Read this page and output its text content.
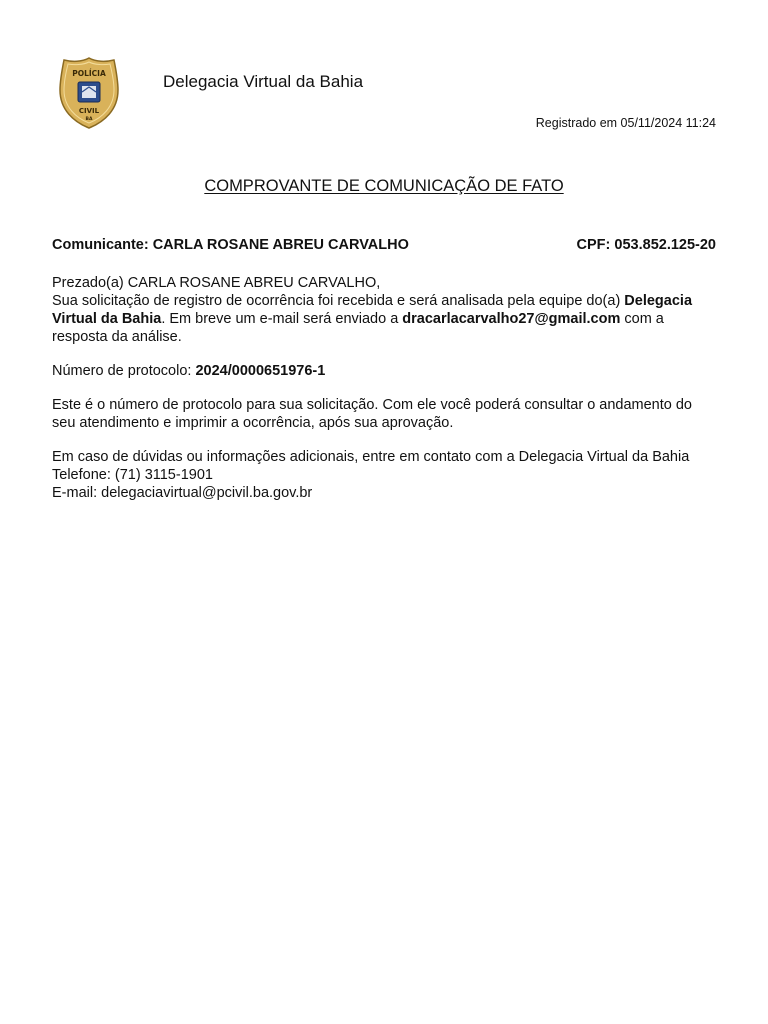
POLÍCIA
CIVIL
BA
Delegacia Virtual da Bahia
Registrado em 05/11/2024 11:24
COMPROVANTE DE COMUNICAÇÃO DE FATO
Comunicante: CARLA ROSANE ABREU CARVALHO	CPF: 053.852.125-20

Prezado(a) CARLA ROSANE ABREU CARVALHO,
Sua solicitação de registro de ocorrência foi recebida e será analisada pela equipe do(a) Delegacia Virtual da Bahia. Em breve um e-mail será enviado a dracarlacarvalho27@gmail.com com a resposta da análise.

Número de protocolo: 2024/0000651976-1

Este é o número de protocolo para sua solicitação. Com ele você poderá consultar o andamento do seu atendimento e imprimir a ocorrência, após sua aprovação.

Em caso de dúvidas ou informações adicionais, entre em contato com a Delegacia Virtual da Bahia
Telefone: (71) 3115-1901
E-mail: delegaciavirtual@pcivil.ba.gov.br
